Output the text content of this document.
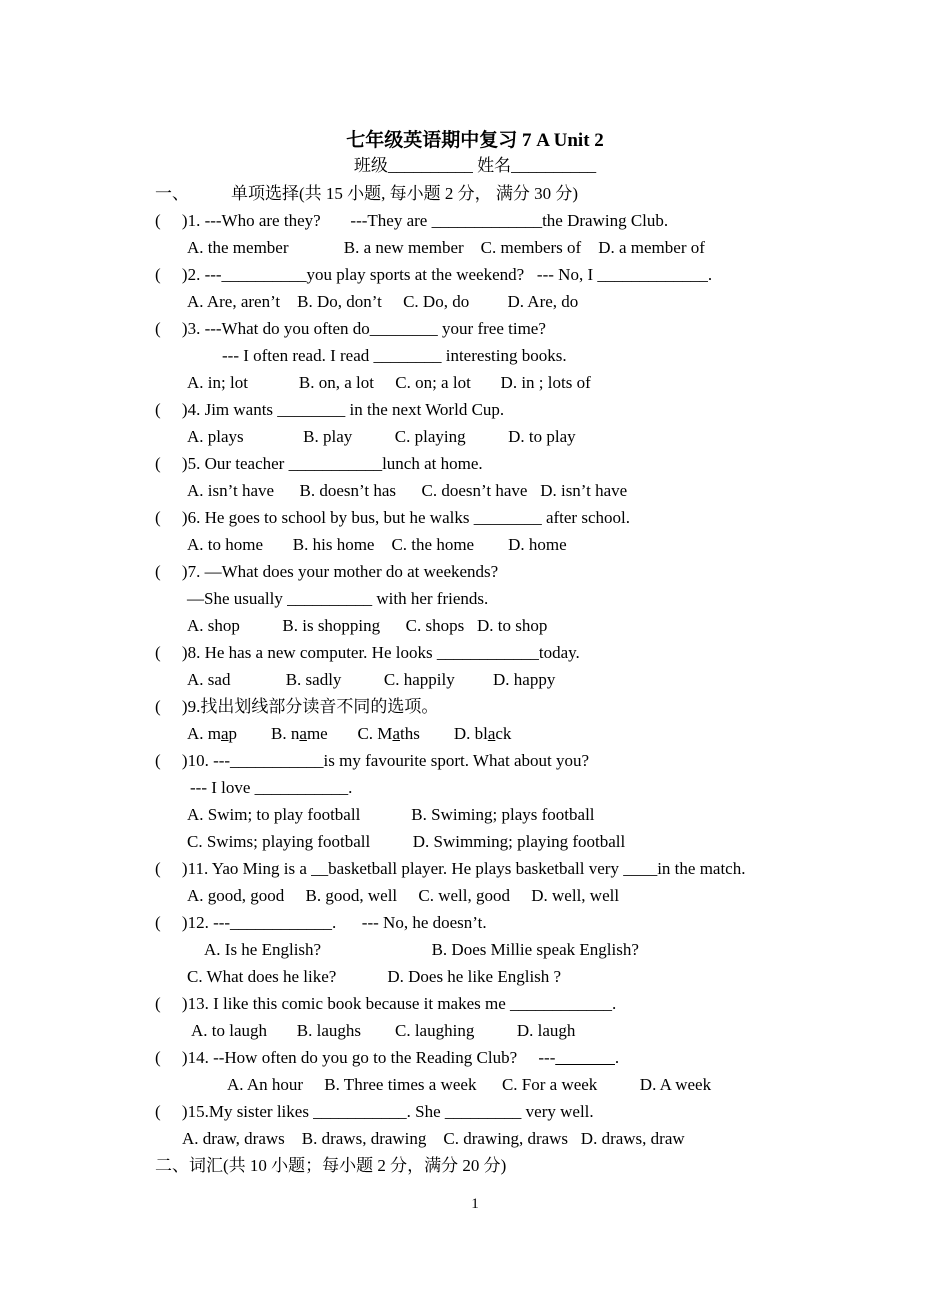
七年级英语期中复习 7 A Unit 2
班级__________ 姓名__________
一、 单项选择(共 15 小题, 每小题 2 分， 满分 30 分)
(     )1. ---Who are they?       ---They are _____________the Drawing Club.
A. the member             B. a new member    C. members of    D. a member of
(     )2. ---__________you play sports at the weekend?   --- No, I _____________.
A. Are, aren’t    B. Do, don’t     C. Do, do         D. Are, do
(     )3. ---What do you often do________ your free time?
--- I often read. I read ________ interesting books.
A. in; lot            B. on, a lot     C. on; a lot       D. in ; lots of
(     )4. Jim wants ________ in the next World Cup.
A. plays              B. play          C. playing          D. to play
(     )5. Our teacher ___________lunch at home.
A. isn’t have      B. doesn’t has      C. doesn’t have   D. isn’t have
(     )6. He goes to school by bus, but he walks ________ after school.
A. to home       B. his home    C. the home        D. home
(     )7. —What does your mother do at weekends?
—She usually __________ with her friends.
A. shop          B. is shopping      C. shops   D. to shop
(     )8. He has a new computer. He looks ____________today.
A. sad             B. sadly          C. happily         D. happy
(     )9.找出划线部分读音不同的选项。
A. map        B. name       C. Maths        D. black
(     )10. ---___________is my favourite sport. What about you?
--- I love ___________.
A. Swim; to play football            B. Swiming; plays football
C. Swims; playing football          D. Swimming; playing football
(     )11. Yao Ming is a __basketball player. He plays basketball very ____in the match.
A. good, good     B. good, well     C. well, good     D. well, well
(     )12. ---____________.      --- No, he doesn’t.
A. Is he English?                          B. Does Millie speak English?
C. What does he like?            D. Does he like English ?
(     )13. I like this comic book because it makes me ____________.
A. to laugh       B. laughs        C. laughing          D. laugh
(     )14. --How often do you go to the Reading Club?     ---_______.
A. An hour     B. Three times a week      C. For a week          D. A week
(     )15.My sister likes ___________. She _________ very well.
A. draw, draws    B. draws, drawing    C. drawing, draws   D. draws, draw
二、词汇(共 10 小题；每小题 2 分，满分 20 分)
1
